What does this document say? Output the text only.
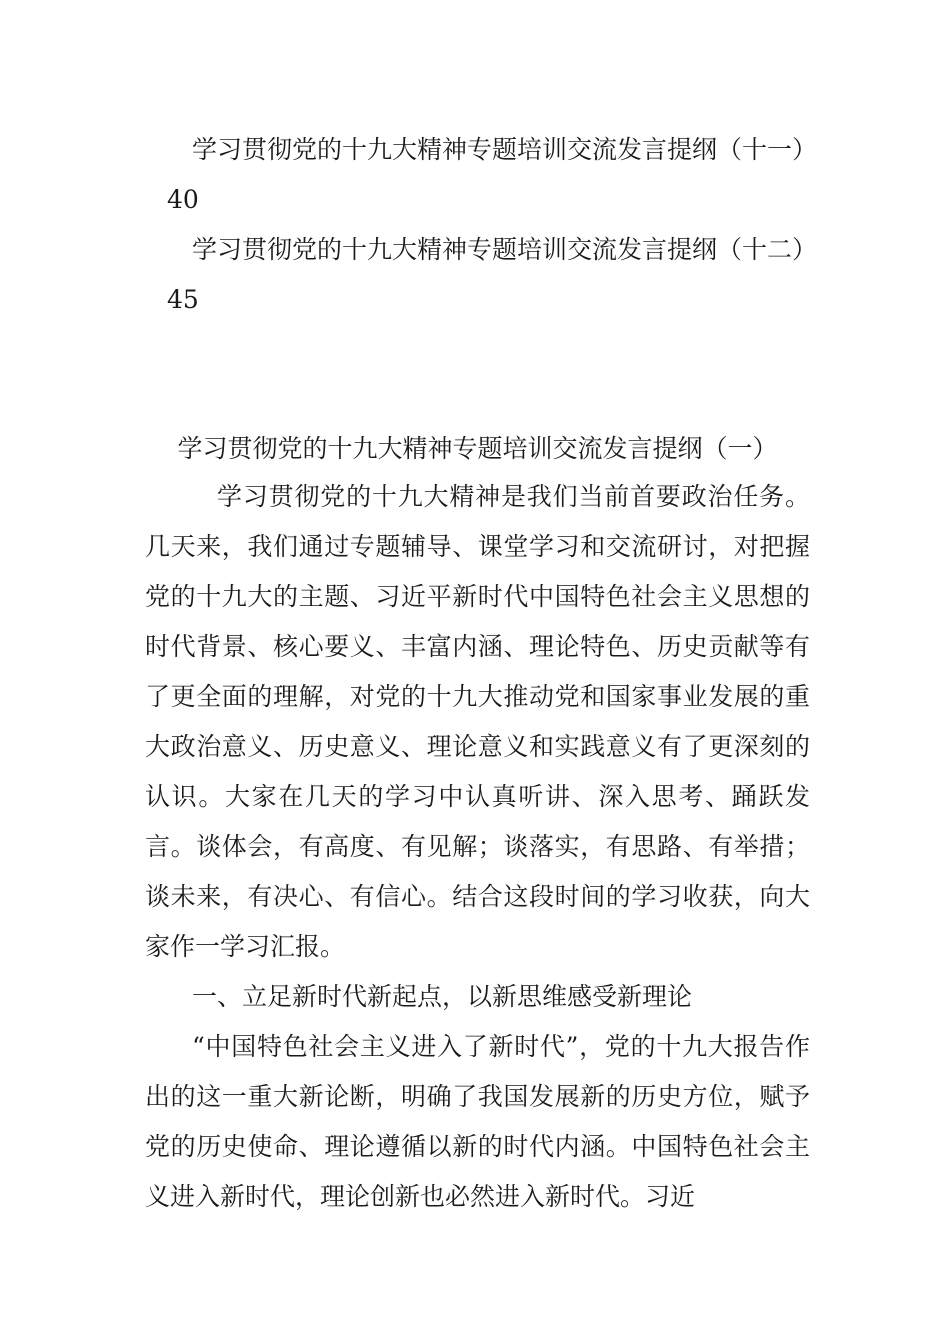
学习贯彻党的十九大精神专题培训交流发言提纲（十一）40

学习贯彻党的十九大精神专题培训交流发言提纲（十二）45

学习贯彻党的十九大精神专题培训交流发言提纲（一）

学习贯彻党的十九大精神是我们当前首要政治任务。几天来，我们通过专题辅导、课堂学习和交流研讨，对把握党的十九大的主题、习近平新时代中国特色社会主义思想的时代背景、核心要义、丰富内涵、理论特色、历史贡献等有了更全面的理解，对党的十九大推动党和国家事业发展的重大政治意义、历史意义、理论意义和实践意义有了更深刻的认识。大家在几天的学习中认真听讲、深入思考、踊跃发言。谈体会，有高度、有见解；谈落实，有思路、有举措；谈未来，有决心、有信心。结合这段时间的学习收获，向大家作一学习汇报。

一、立足新时代新起点，以新思维感受新理论

“中国特色社会主义进入了新时代”，党的十九大报告作出的这一重大新论断，明确了我国发展新的历史方位，赋予党的历史使命、理论遵循以新的时代内涵。中国特色社会主义进入新时代，理论创新也必然进入新时代。习近
